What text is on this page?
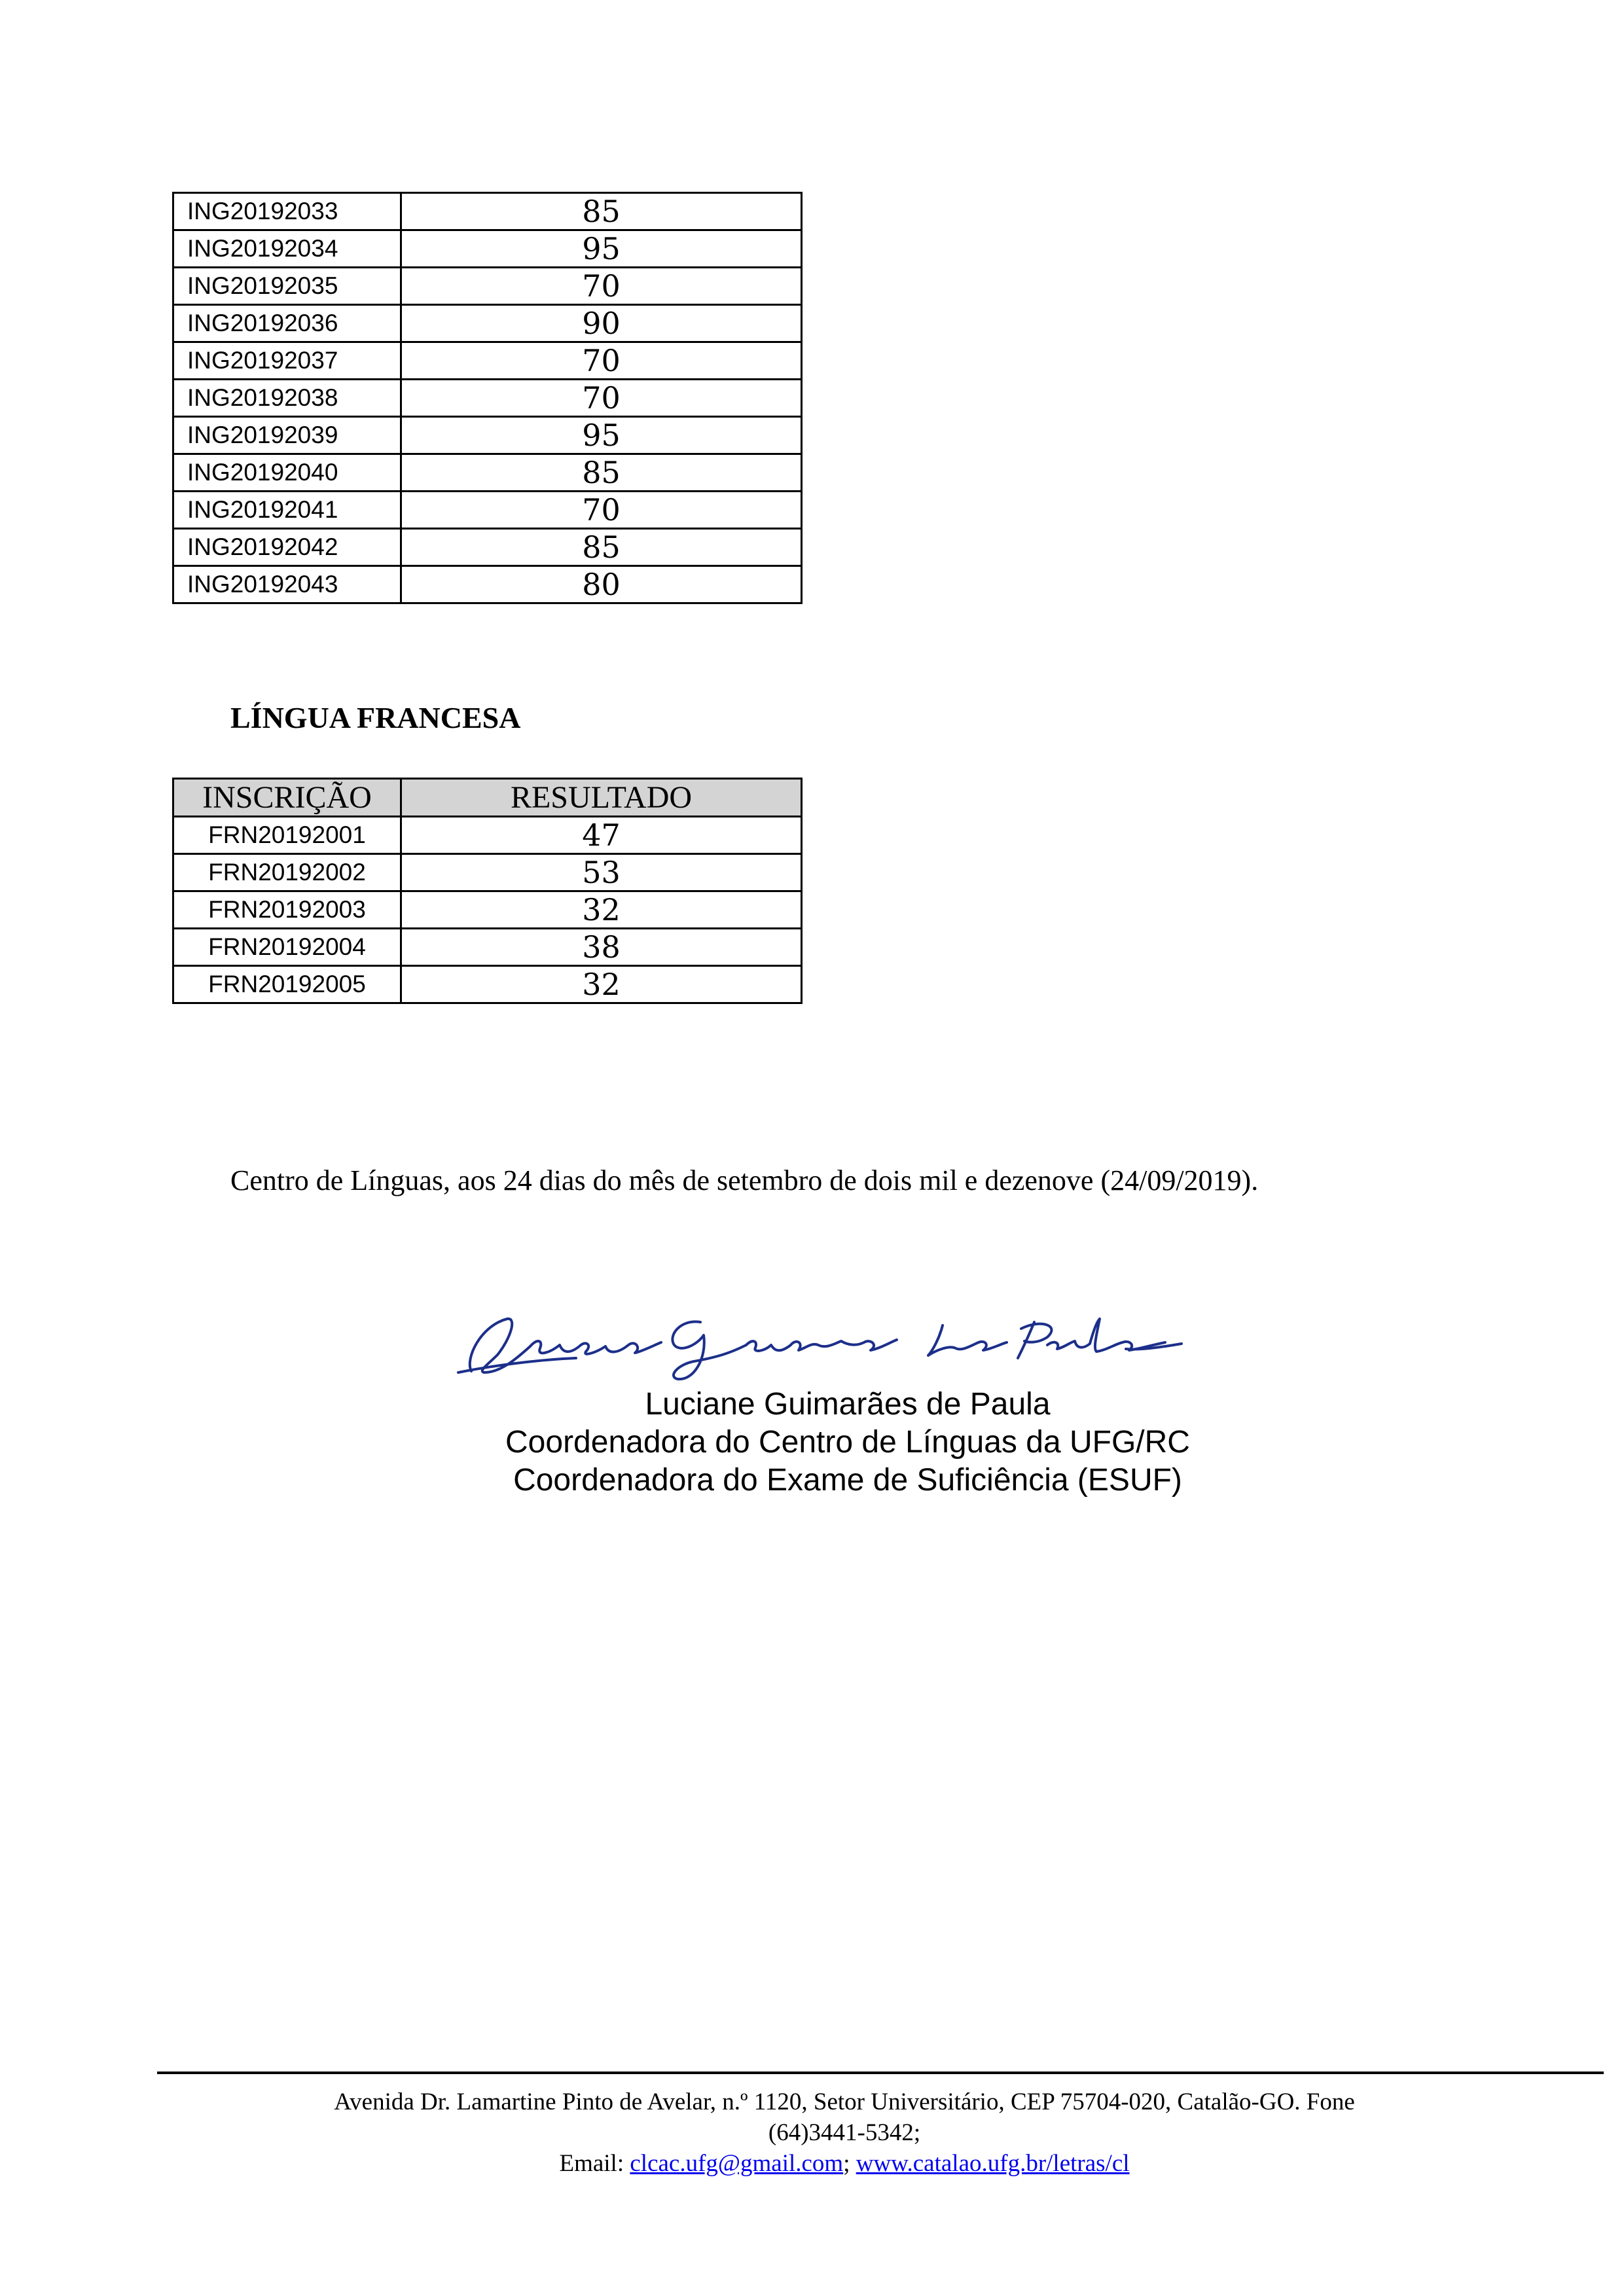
ING20192033	85
ING20192034	95
ING20192035	70
ING20192036	90
ING20192037	70
ING20192038	70
ING20192039	95
ING20192040	85
ING20192041	70
ING20192042	85
ING20192043	80
LÍNGUA FRANCESA
INSCRIÇÃO	RESULTADO
FRN20192001	47
FRN20192002	53
FRN20192003	32
FRN20192004	38
FRN20192005	32
Centro de Línguas, aos 24 dias do mês de setembro de dois mil e dezenove (24/09/2019).
Luciane Guimarães de Paula
Coordenadora do Centro de Línguas da UFG/RC
Coordenadora do Exame de Suficiência (ESUF)
Avenida Dr. Lamartine Pinto de Avelar, n.º 1120, Setor Universitário, CEP 75704-020, Catalão-GO. Fone
(64)3441-5342;
Email: clcac.ufg@gmail.com; www.catalao.ufg.br/letras/cl
